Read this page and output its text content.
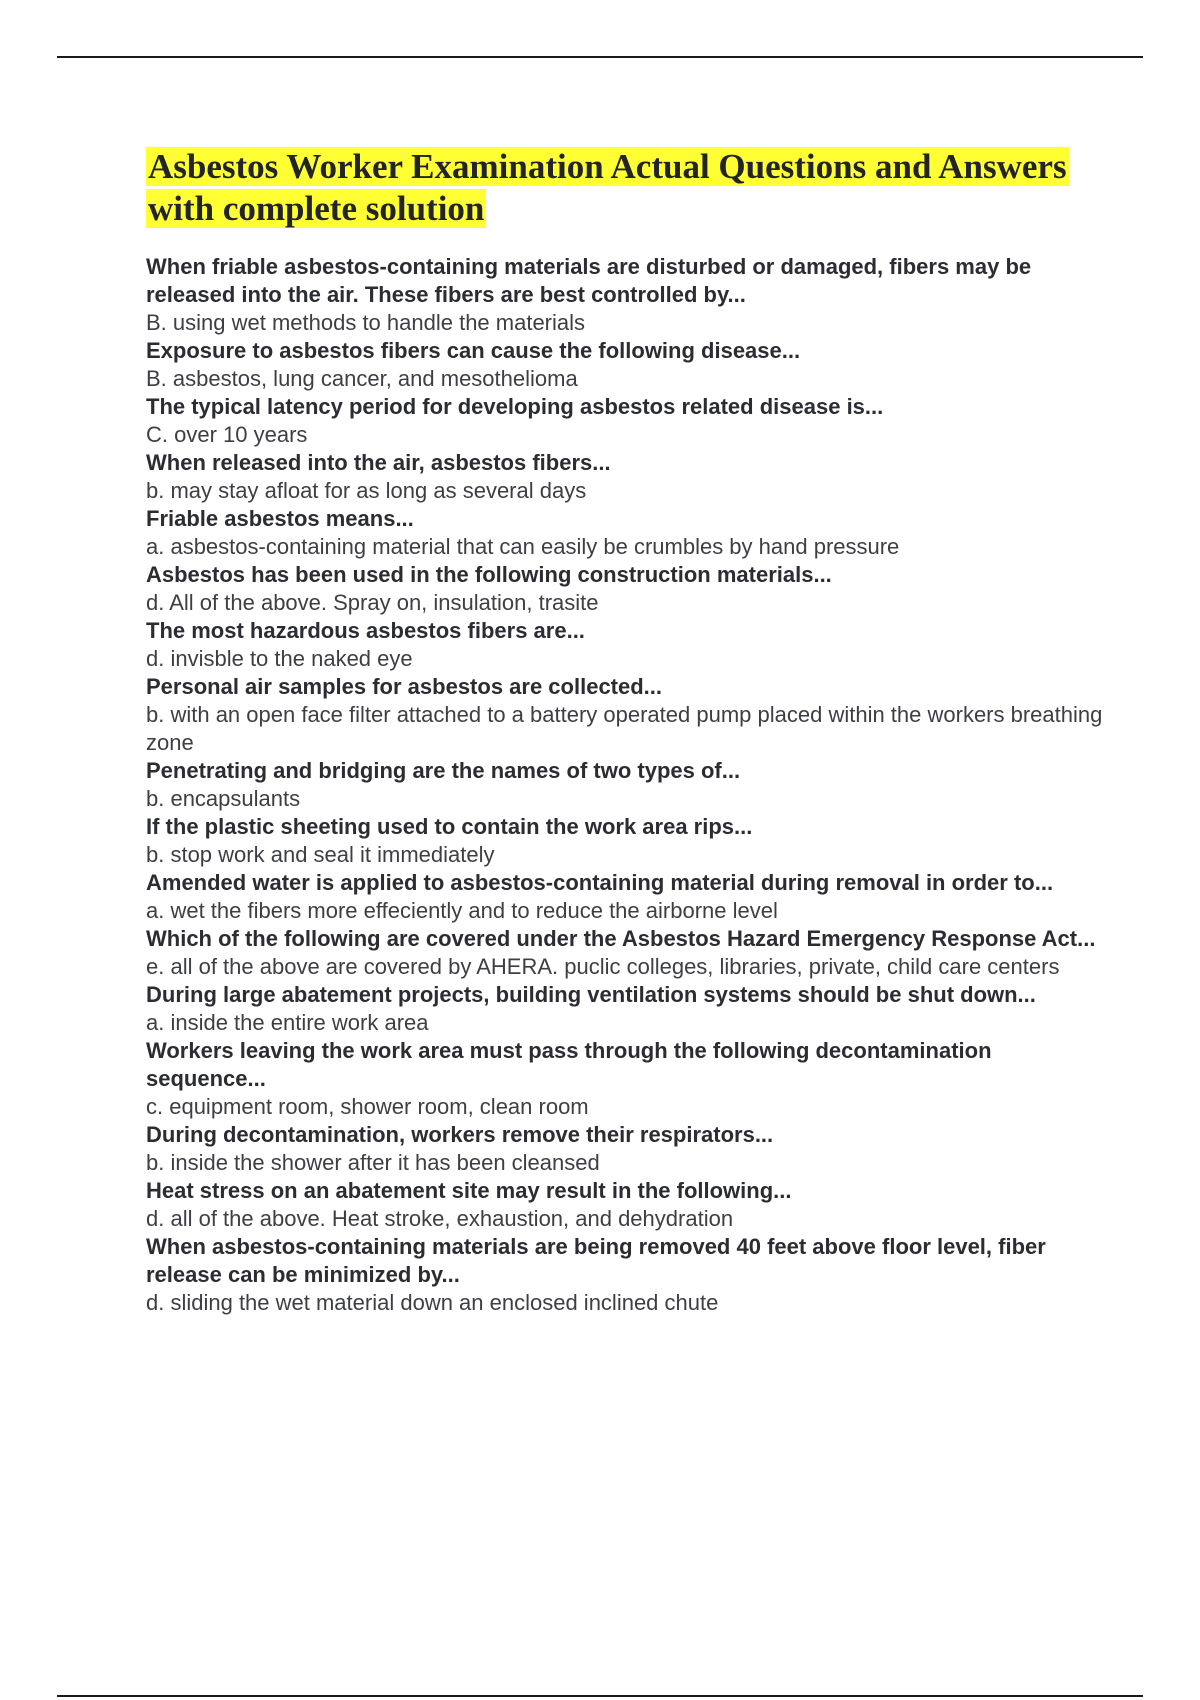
Asbestos Worker Examination Actual Questions and Answers with complete solution
When friable asbestos-containing materials are disturbed or damaged, fibers may be released into the air. These fibers are best controlled by...
B. using wet methods to handle the materials
Exposure to asbestos fibers can cause the following disease...
B. asbestos, lung cancer, and mesothelioma
The typical latency period for developing asbestos related disease is...
C. over 10 years
When released into the air, asbestos fibers...
b. may stay afloat for as long as several days
Friable asbestos means...
a. asbestos-containing material that can easily be crumbles by hand pressure
Asbestos has been used in the following construction materials...
d. All of the above. Spray on, insulation, trasite
The most hazardous asbestos fibers are...
d. invisble to the naked eye
Personal air samples for asbestos are collected...
b. with an open face filter attached to a battery operated pump placed within the workers breathing zone
Penetrating and bridging are the names of two types of...
b. encapsulants
If the plastic sheeting used to contain the work area rips...
b. stop work and seal it immediately
Amended water is applied to asbestos-containing material during removal in order to...
a. wet the fibers more effeciently and to reduce the airborne level
Which of the following are covered under the Asbestos Hazard Emergency Response Act...
e. all of the above are covered by AHERA. puclic colleges, libraries, private, child care centers
During large abatement projects, building ventilation systems should be shut down...
a. inside the entire work area
Workers leaving the work area must pass through the following decontamination sequence...
c. equipment room, shower room, clean room
During decontamination, workers remove their respirators...
b. inside the shower after it has been cleansed
Heat stress on an abatement site may result in the following...
d. all of the above. Heat stroke, exhaustion, and dehydration
When asbestos-containing materials are being removed 40 feet above floor level, fiber release can be minimized by...
d. sliding the wet material down an enclosed inclined chute
